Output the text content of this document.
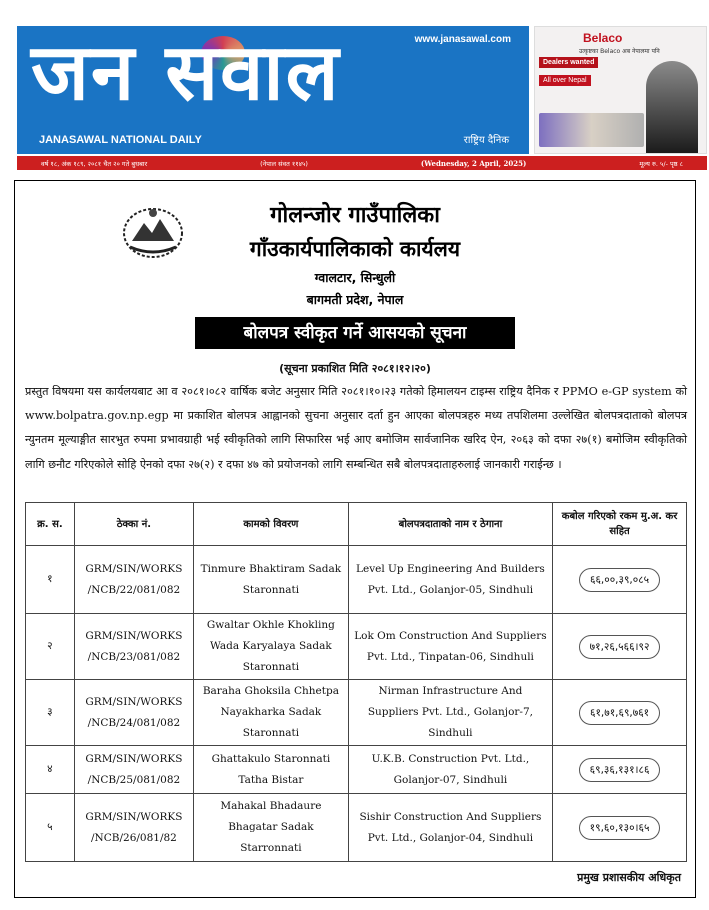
जन सवाल	www.janasawal.com
JANASAWAL NATIONAL DAILY	राष्ट्रिय दैनिक
Belaco
उत्कृष्टका Belaco अब नेपालमा पनि
Dealers wanted
All over Nepal
वर्ष १८, अंक १८९, २०८१ चैत २० गते बुधबार	(नेपाल संवत ११४५)	(Wednesday, 2 April, 2025)	मूल्य रु. ५/- पृष्ठ ८
गोलन्जोर गाउँपालिका
गाँउकार्यपालिकाको कार्यलय
ग्वालटार, सिन्धुली
बागमती प्रदेश, नेपाल
बोलपत्र स्वीकृत गर्ने आसयको सूचना
(सूचना प्रकाशित मिति २०८१।१२।२०)
प्रस्तुत विषयमा यस कार्यलयबाट आ व २०८१।०८२ वार्षिक बजेट अनुसार मिति २०८१।१०।२३ गतेको हिमालयन टाइम्स राष्ट्रिय दैनिक र PPMO e-GP system को www.bolpatra.gov.np.egp मा प्रकाशित बोलपत्र आह्वानको सुचना अनुसार दर्ता हुन आएका बोलपत्रहरु मध्य तपशिलमा उल्लेखित बोलपत्रदाताको बोलपत्र न्युनतम मूल्याङ्गीत सारभुत रुपमा प्रभावग्राही भई स्वीकृतिको लागि सिफारिस भई आए बमोजिम सार्वजानिक खरिद ऐन, २०६३ को दफा २७(१) बमोजिम स्वीकृतिको लागि छनौट गरिएकोले सोहि ऐनको दफा २७(२) र दफा ४७ को प्रयोजनको लागि सम्बन्धित सबै बोलपत्रदाताहरुलाई जानकारी गराईन्छ ।
क्र. स.	ठेक्का नं.	कामको विवरण	बोलपत्रदाताको नाम र ठेगाना	कबोल गरिएको रकम मु.अ. कर सहित
१	GRM/SIN/WORKS /NCB/22/081/082	Tinmure Bhaktiram Sadak Staronnati	Level Up Engineering And Builders Pvt. Ltd., Golanjor-05, Sindhuli	६६,००,३९,०८५
२	GRM/SIN/WORKS /NCB/23/081/082	Gwaltar Okhle Khokling Wada Karyalaya Sadak Staronnati	Lok Om Construction And Suppliers Pvt. Ltd., Tinpatan-06, Sindhuli	७१,२६,५६६।९२
३	GRM/SIN/WORKS /NCB/24/081/082	Baraha Ghoksila Chhetpa Nayakharka Sadak Staronnati	Nirman Infrastructure And Suppliers Pvt. Ltd., Golanjor-7, Sindhuli	६१,७१,६९,७६१
४	GRM/SIN/WORKS /NCB/25/081/082	Ghattakulo Staronnati Tatha Bistar	U.K.B. Construction Pvt. Ltd., Golanjor-07, Sindhuli	६९,३६,१३१।८६
५	GRM/SIN/WORKS /NCB/26/081/82	Mahakal Bhadaure Bhagatar Sadak Starronnati	Sishir Construction And Suppliers Pvt. Ltd., Golanjor-04, Sindhuli	१९,६०,१३०।६५
प्रमुख प्रशासकीय अधिकृत
